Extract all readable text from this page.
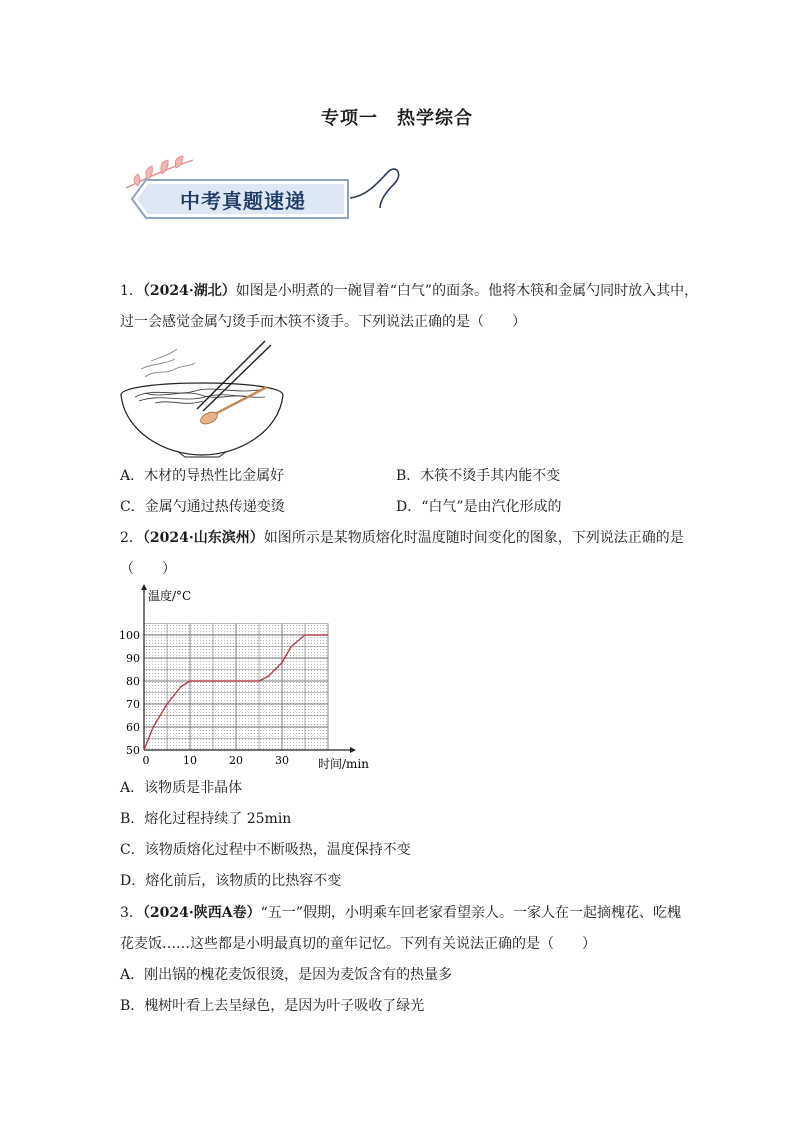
专项一　热学综合
中考真题速递
1．（2024·湖北）如图是小明煮的一碗冒着“白气”的面条。他将木筷和金属勺同时放入其中，
过一会感觉金属勺烫手而木筷不烫手。下列说法正确的是（　　）
A．木材的导热性比金属好	B．木筷不烫手其内能不变
C．金属勺通过热传递变烫	D．“白气”是由汽化形成的
2．（2024·山东滨州）如图所示是某物质熔化时温度随时间变化的图象，下列说法正确的是
（　　）
50
60
70
80
90
100
0	10	20	30
温度/°C
时间/min
A．该物质是非晶体
B．熔化过程持续了 25min
C．该物质熔化过程中不断吸热，温度保持不变
D．熔化前后，该物质的比热容不变
3．（2024·陕西A卷）“五一”假期，小明乘车回老家看望亲人。一家人在一起摘槐花、吃槐
花麦饭……这些都是小明最真切的童年记忆。下列有关说法正确的是（　　）
A．刚出锅的槐花麦饭很烫，是因为麦饭含有的热量多
B．槐树叶看上去呈绿色，是因为叶子吸收了绿光
